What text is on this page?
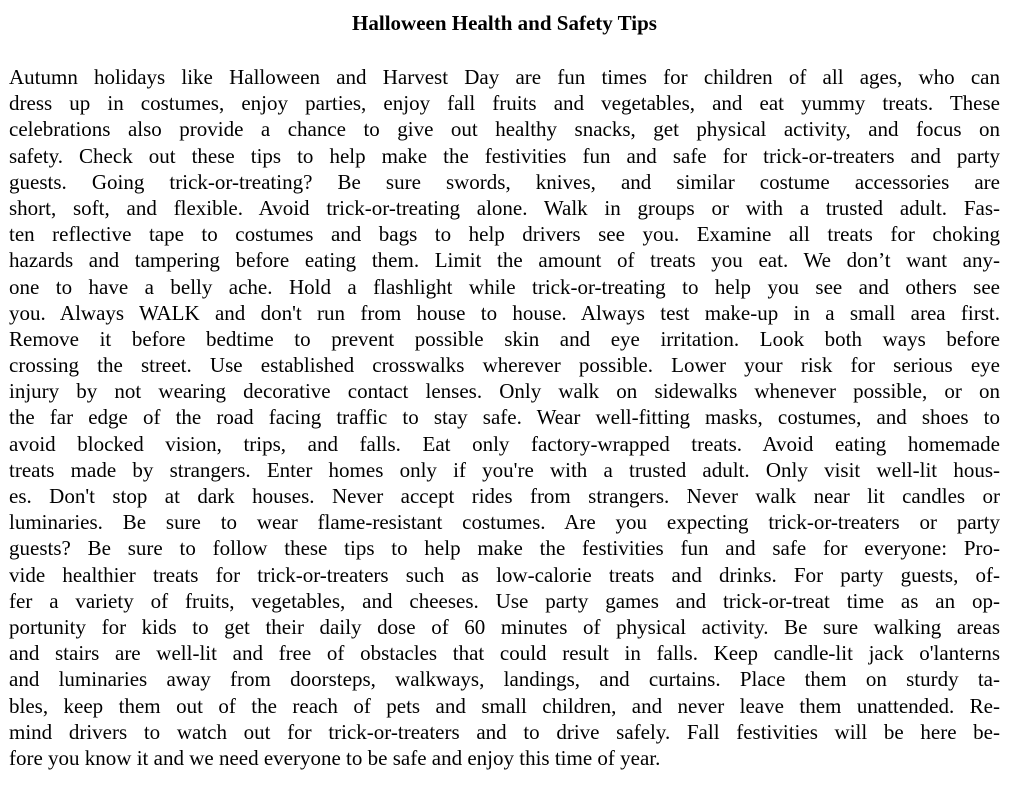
Halloween Health and Safety Tips
Autumn holidays like Halloween and Harvest Day are fun times for children of all ages, who can
dress up in costumes, enjoy parties, enjoy fall fruits and vegetables, and eat yummy treats. These
celebrations also provide a chance to give out healthy snacks, get physical activity, and focus on
safety. Check out these tips to help make the festivities fun and safe for trick-or-treaters and party
guests. Going trick-or-treating? Be sure swords, knives, and similar costume accessories are
short, soft, and flexible. Avoid trick-or-treating alone. Walk in groups or with a trusted adult. Fas-
ten reflective tape to costumes and bags to help drivers see you. Examine all treats for choking
hazards and tampering before eating them. Limit the amount of treats you eat. We don’t want any-
one to have a belly ache. Hold a flashlight while trick-or-treating to help you see and others see
you. Always WALK and don't run from house to house. Always test make-up in a small area first.
Remove it before bedtime to prevent possible skin and eye irritation. Look both ways before
crossing the street. Use established crosswalks wherever possible. Lower your risk for serious eye
injury by not wearing decorative contact lenses. Only walk on sidewalks whenever possible, or on
the far edge of the road facing traffic to stay safe. Wear well-fitting masks, costumes, and shoes to
avoid blocked vision, trips, and falls. Eat only factory-wrapped treats. Avoid eating homemade
treats made by strangers. Enter homes only if you're with a trusted adult. Only visit well-lit hous-
es. Don't stop at dark houses. Never accept rides from strangers. Never walk near lit candles or
luminaries. Be sure to wear flame-resistant costumes. Are you expecting trick-or-treaters or party
guests? Be sure to follow these tips to help make the festivities fun and safe for everyone: Pro-
vide healthier treats for trick-or-treaters such as low-calorie treats and drinks. For party guests, of-
fer a variety of fruits, vegetables, and cheeses. Use party games and trick-or-treat time as an op-
portunity for kids to get their daily dose of 60 minutes of physical activity. Be sure walking areas
and stairs are well-lit and free of obstacles that could result in falls. Keep candle-lit jack o'lanterns
and luminaries away from doorsteps, walkways, landings, and curtains. Place them on sturdy ta-
bles, keep them out of the reach of pets and small children, and never leave them unattended. Re-
mind drivers to watch out for trick-or-treaters and to drive safely. Fall festivities will be here be-
fore you know it and we need everyone to be safe and enjoy this time of year.
